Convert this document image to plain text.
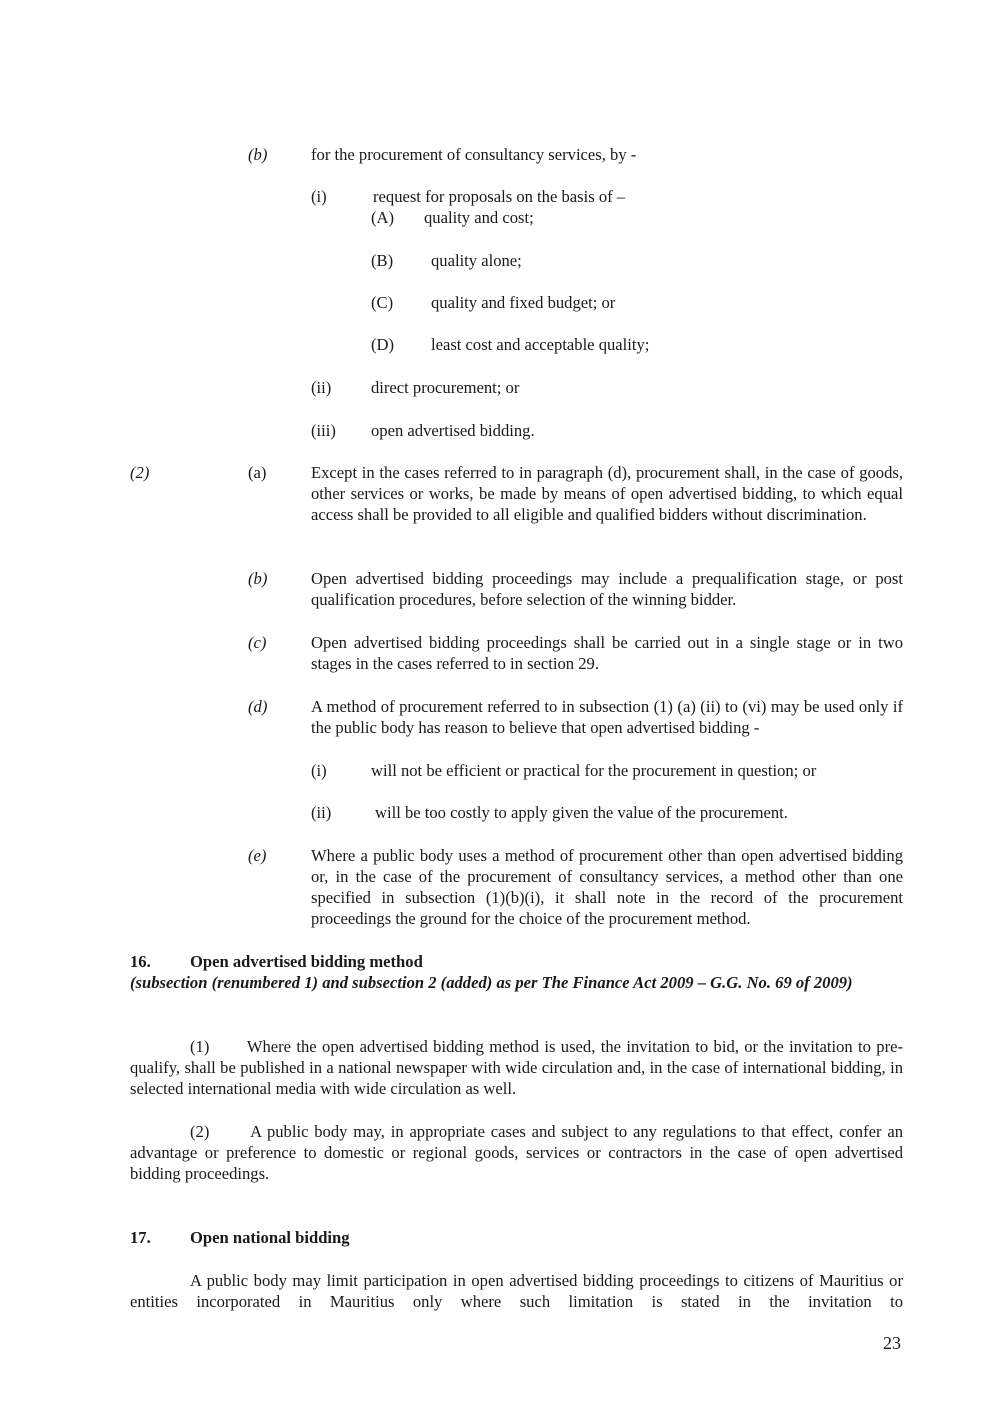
(b)	for the procurement of consultancy services, by -
(i)	request for proposals on the basis of –
(A) quality and cost;
(B) quality alone;
(C) quality and fixed budget; or
(D) least cost and acceptable quality;
(ii) direct procurement; or
(iii) open advertised bidding.
(2)	(a)	Except in the cases referred to in paragraph (d), procurement shall, in the case of goods, other services or works, be made by means of open advertised bidding, to which equal access shall be provided to all eligible and qualified bidders without discrimination.
(b)	Open advertised bidding proceedings may include a prequalification stage, or post qualification procedures, before selection of the winning bidder.
(c)	Open advertised bidding proceedings shall be carried out in a single stage or in two stages in the cases referred to in section 29.
(d)	A method of procurement referred to in subsection (1) (a) (ii) to (vi) may be used only if the public body has reason to believe that open advertised bidding -
(i)	will not be efficient or practical for the procurement in question; or
(ii)	will be too costly to apply given the value of the procurement.
(e)	Where a public body uses a method of procurement other than open advertised bidding or, in the case of the procurement of consultancy services, a method other than one specified in subsection (1)(b)(i), it shall note in the record of the procurement proceedings the ground for the choice of the procurement method.
16. Open advertised bidding method
(subsection (renumbered 1) and subsection 2 (added) as per The Finance Act 2009 – G.G. No. 69 of 2009)
(1)       Where the open advertised bidding method is used, the invitation to bid, or the invitation to pre-qualify, shall be published in a national newspaper with wide circulation and, in the case of international bidding, in selected international media with wide circulation as well.
(2)       A public body may, in appropriate cases and subject to any regulations to that effect, confer an advantage or preference to domestic or regional goods, services or contractors in the case of open advertised bidding proceedings.
17. Open national bidding
A public body may limit participation in open advertised bidding proceedings to citizens of Mauritius or entities incorporated in Mauritius only where such limitation is stated in the invitation to
23
